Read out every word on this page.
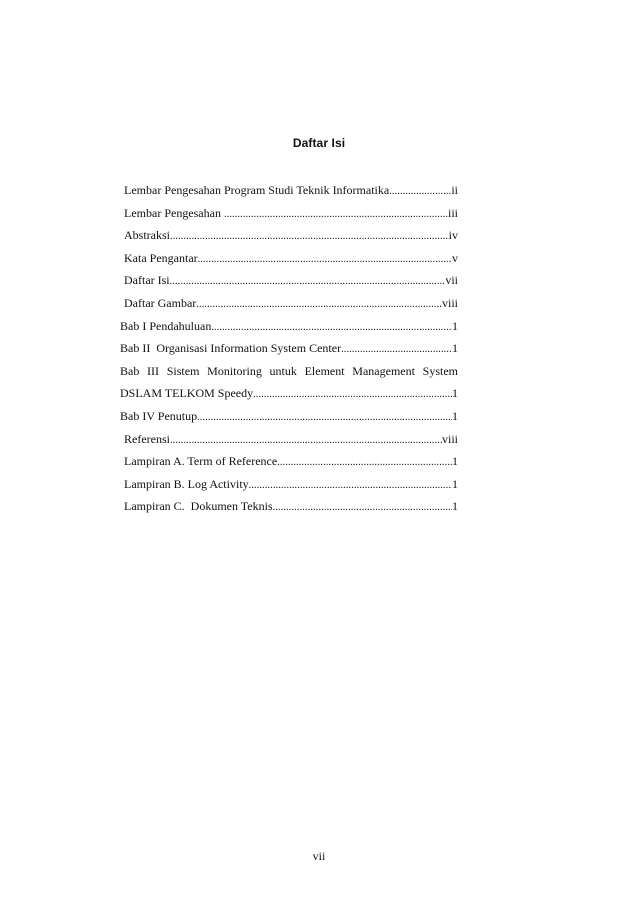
Daftar Isi
Lembar Pengesahan Program Studi Teknik Informatika .....	ii
Lembar Pengesahan .....	iii
Abstraksi .....	iv
Kata Pengantar .....	v
Daftar Isi .....	vii
Daftar Gambar .....	viii
Bab I Pendahuluan .....	1
Bab II  Organisasi Information System Center .....	1
Bab III Sistem Monitoring untuk Element Management System
DSLAM TELKOM Speedy .....	1
Bab IV Penutup .....	1
Referensi .....	viii
Lampiran A. Term of Reference .....	1
Lampiran B. Log Activity .....	1
Lampiran C.  Dokumen Teknis .....	1
vii
